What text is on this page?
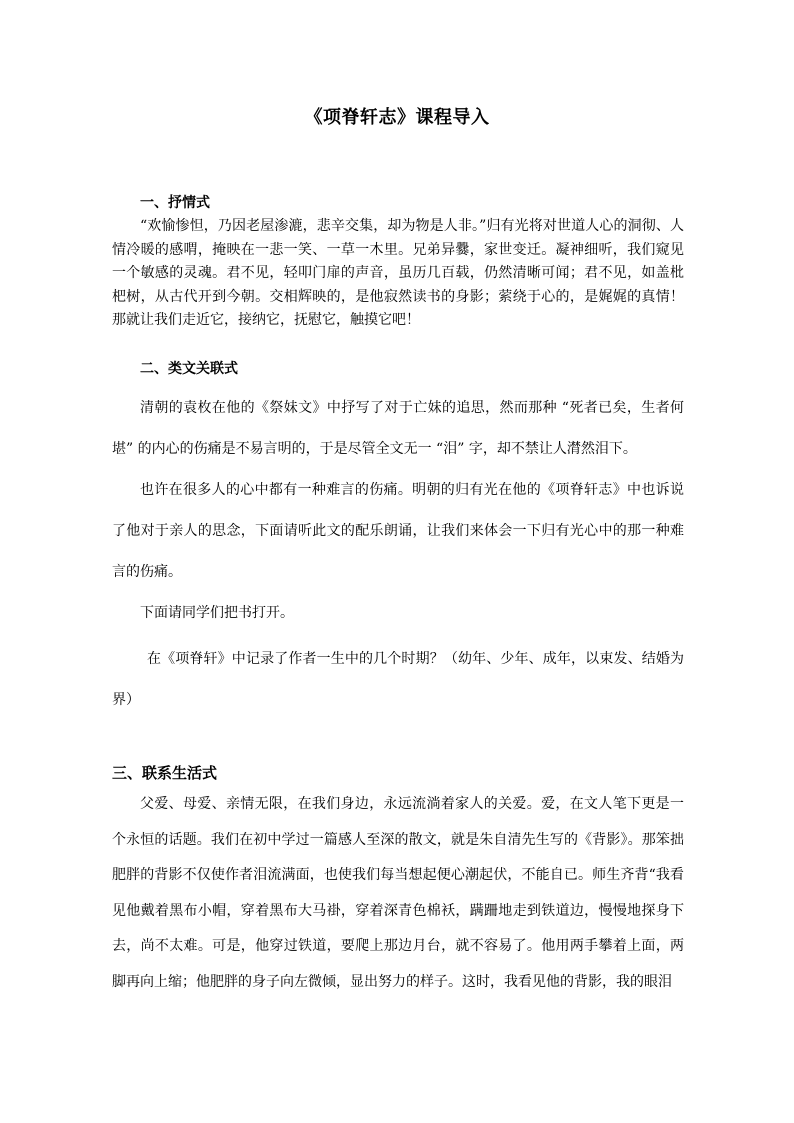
《项脊轩志》课程导入
一、抒情式

“欢愉惨怛，乃因老屋渗漉，悲辛交集，却为物是人非。”归有光将对世道人心的洞彻、人情冷暖的感喟，掩映在一悲一笑、一草一木里。兄弟异爨，家世变迁。凝神细听，我们窥见一个敏感的灵魂。君不见，轻叩门扉的声音，虽历几百载，仍然清晰可闻；君不见，如盖枇杷树，从古代开到今朝。交相辉映的，是他寂然读书的身影；萦绕于心的，是娓娓的真情！那就让我们走近它，接纳它，抚慰它，触摸它吧！

二、类文关联式

清朝的袁枚在他的《祭妹文》中抒写了对于亡妹的追思，然而那种 “死者已矣，生者何堪” 的内心的伤痛是不易言明的，于是尽管全文无一 “泪” 字，却不禁让人潸然泪下。

也许在很多人的心中都有一种难言的伤痛。明朝的归有光在他的《项脊轩志》中也诉说了他对于亲人的思念，下面请听此文的配乐朗诵，让我们来体会一下归有光心中的那一种难言的伤痛。

下面请同学们把书打开。

在《项脊轩》中记录了作者一生中的几个时期？（幼年、少年、成年，以束发、结婚为界）

三、联系生活式

父爱、母爱、亲情无限，在我们身边，永远流淌着家人的关爱。爱，在文人笔下更是一个永恒的话题。我们在初中学过一篇感人至深的散文，就是朱自清先生写的《背影》。那笨拙肥胖的背影不仅使作者泪流满面，也使我们每当想起便心潮起伏，不能自已。师生齐背“我看见他戴着黑布小帽，穿着黑布大马褂，穿着深青色棉袄，蹒跚地走到铁道边，慢慢地探身下去，尚不太难。可是，他穿过铁道，要爬上那边月台，就不容易了。他用两手攀着上面，两脚再向上缩；他肥胖的身子向左微倾，显出努力的样子。这时，我看见他的背影，我的眼泪
